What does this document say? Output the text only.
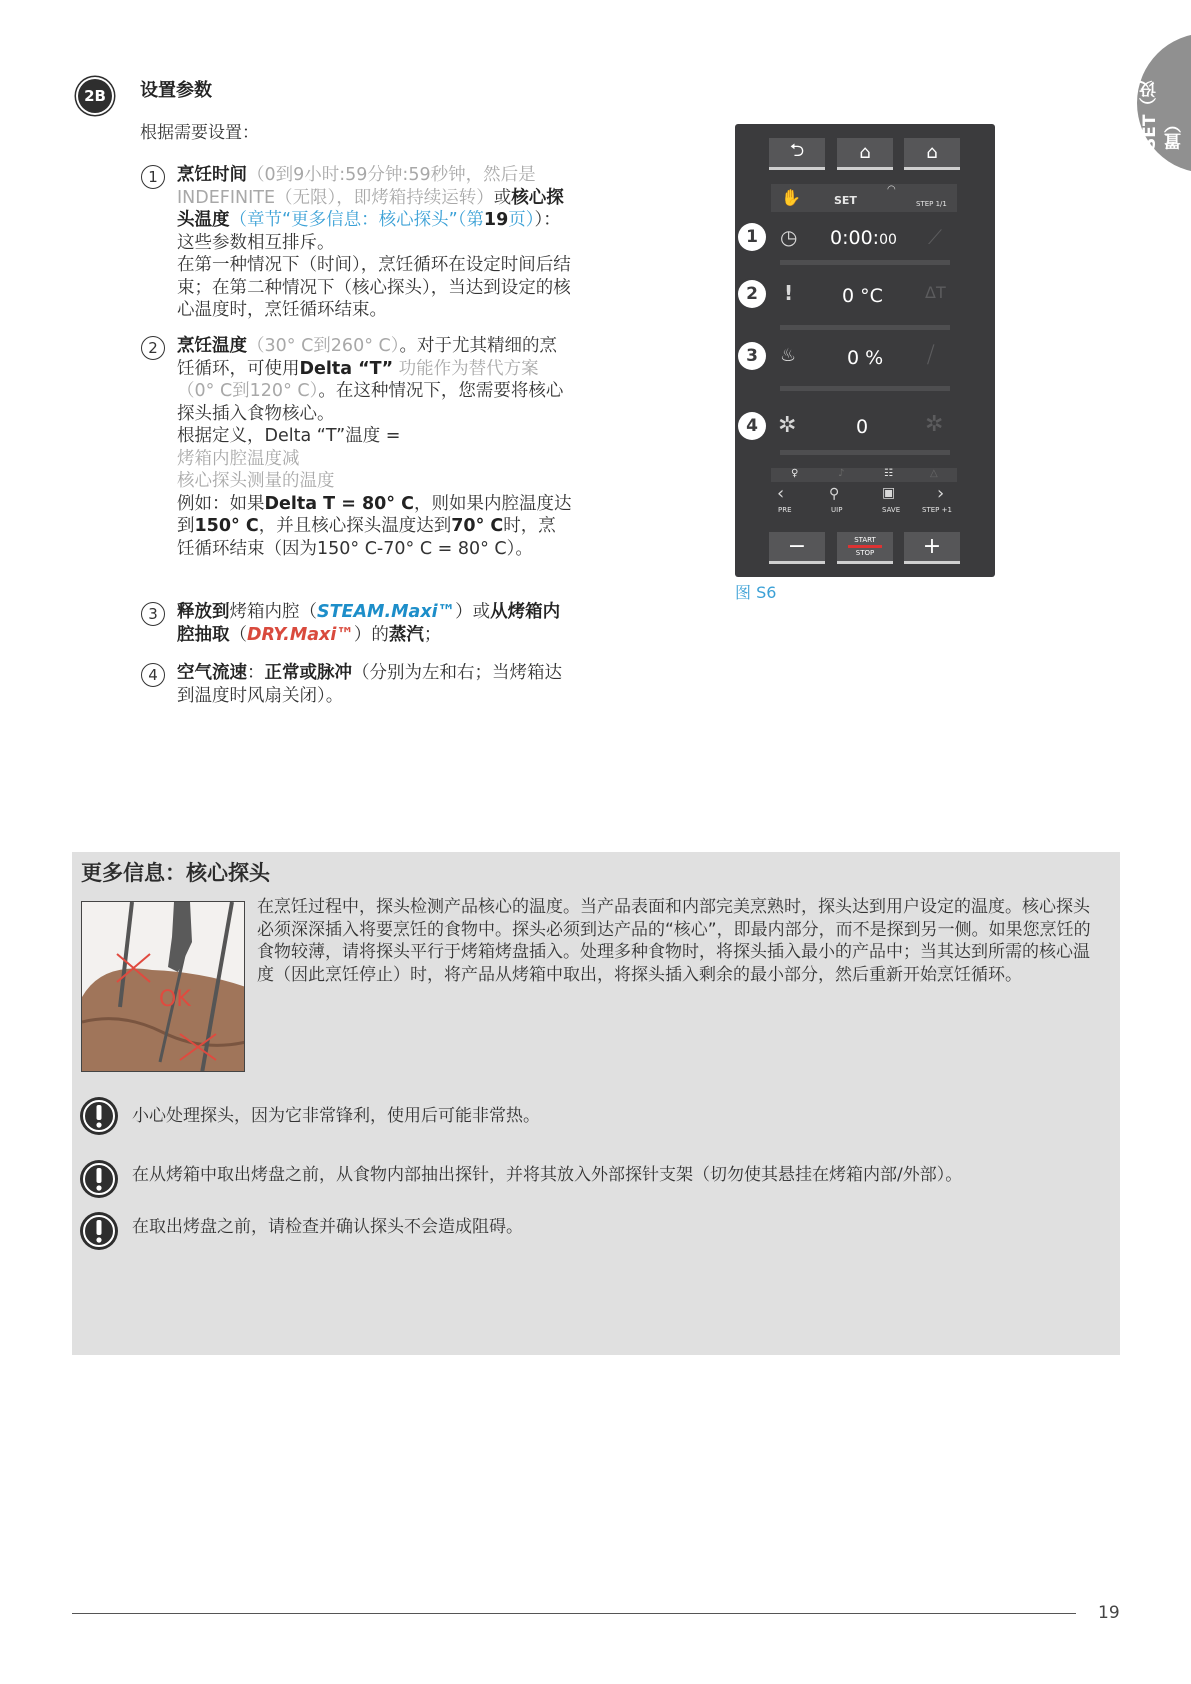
SET（设置）
2B	设置参数
根据需要设置：
1	烹饪时间（0到9小时:59分钟:59秒钟，然后是INDEFINITE（无限），即烤箱持续运转）或核心探头温度（章节“更多信息：核心探头”（第19页））：这些参数相互排斥。
在第一种情况下（时间），烹饪循环在设定时间后结束；在第二种情况下（核心探头），当达到设定的核心温度时，烹饪循环结束。
2	烹饪温度（30° C到260° C）。对于尤其精细的烹饪循环，可使用Delta “T” 功能作为替代方案（0° C到120° C）。在这种情况下，您需要将核心探头插入食物核心。
根据定义，Delta “T”温度 =
烤箱内腔温度减
核心探头测量的温度
例如：如果Delta T = 80° C，则如果内腔温度达到150° C，并且核心探头温度达到70° C时，烹饪循环结束（因为150° C-70° C = 80° C）。
3	释放到烤箱内腔（STEAM.Maxi™）或从烤箱内腔抽取（DRY.Maxi™）的蒸汽；
4	空气流速：正常或脉冲（分别为左和右；当烤箱达到温度时风扇关闭）。
⮌	⌂	⌂
✋	SET
◠
STEP 1/1
1	◷ 0:00:00 ⟋
2	!	0 °C	ΔT
3	♨	0 % ⧸
4 ✲	0	✲
♀	♪	☷	△
‹
PRE
⚲
UIP
▣
SAVE
›
STEP +1
−	START
STOP	+
图 S6
更多信息：核心探头
OK
在烹饪过程中，探头检测产品核心的温度。当产品表面和内部完美烹熟时，探头达到用户设定的温度。核心探头必须深深插入将要烹饪的食物中。探头必须到达产品的“核心”，即最内部分，而不是探到另一侧。如果您烹饪的食物较薄，请将探头平行于烤箱烤盘插入。处理多种食物时，将探头插入最小的产品中；当其达到所需的核心温度（因此烹饪停止）时，将产品从烤箱中取出，将探头插入剩余的最小部分，然后重新开始烹饪循环。
小心处理探头，因为它非常锋利，使用后可能非常热。
在从烤箱中取出烤盘之前，从食物内部抽出探针，并将其放入外部探针支架（切勿使其悬挂在烤箱内部/外部）。
在取出烤盘之前，请检查并确认探头不会造成阻碍。
19
